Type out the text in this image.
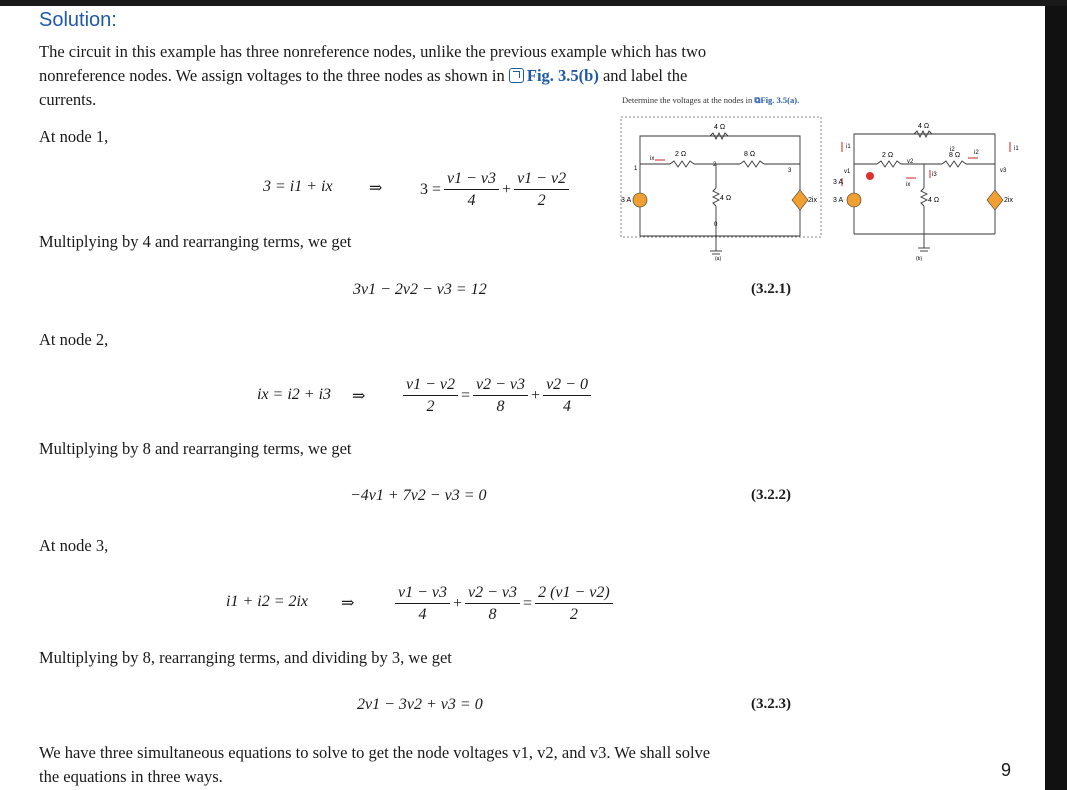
Solution:
The circuit in this example has three nonreference nodes, unlike the previous example which has two
nonreference nodes. We assign voltages to the three nodes as shown in Fig. 3.5(b) and label the
currents.	Determine the voltages at the nodes in ⧉Fig. 3.5(a).
4 Ω
2 Ω	8 Ω
4 Ω
3 A	2ix
1
2
3
0
ix
(a)
4 Ω
2 Ω	8 Ω
4 Ω
3 A
3 A
2ix
v1
v2
v3
i1	i1
i2
i2
i3
ix
(b)
At node 1,
3 = i1 + ix ⇒ $3 = \frac{v1 - v3}{4} + \frac{v1 - v2}{2}$
Multiplying by 4 and rearranging terms, we get
3v1 − 2v2 − v3 = 12	(3.2.1)
At node 2,
ix = i2 + i3 ⇒ $\frac{v1 - v2}{2} = \frac{v2 - v3}{8} + \frac{v2 - 0}{4}$
Multiplying by 8 and rearranging terms, we get
−4v1 + 7v2 − v3 = 0	(3.2.2)
At node 3,
i1 + i2 = 2ix ⇒	$\frac{v1 - v3}{4} + \frac{v2 - v3}{8} = \frac{2 (v1 - v2)}{2}$
Multiplying by 8, rearranging terms, and dividing by 3, we get
2v1 − 3v2 + v3 = 0	(3.2.3)
We have three simultaneous equations to solve to get the node voltages v1, v2, and v3. We shall solve
the equations in three ways.	9
